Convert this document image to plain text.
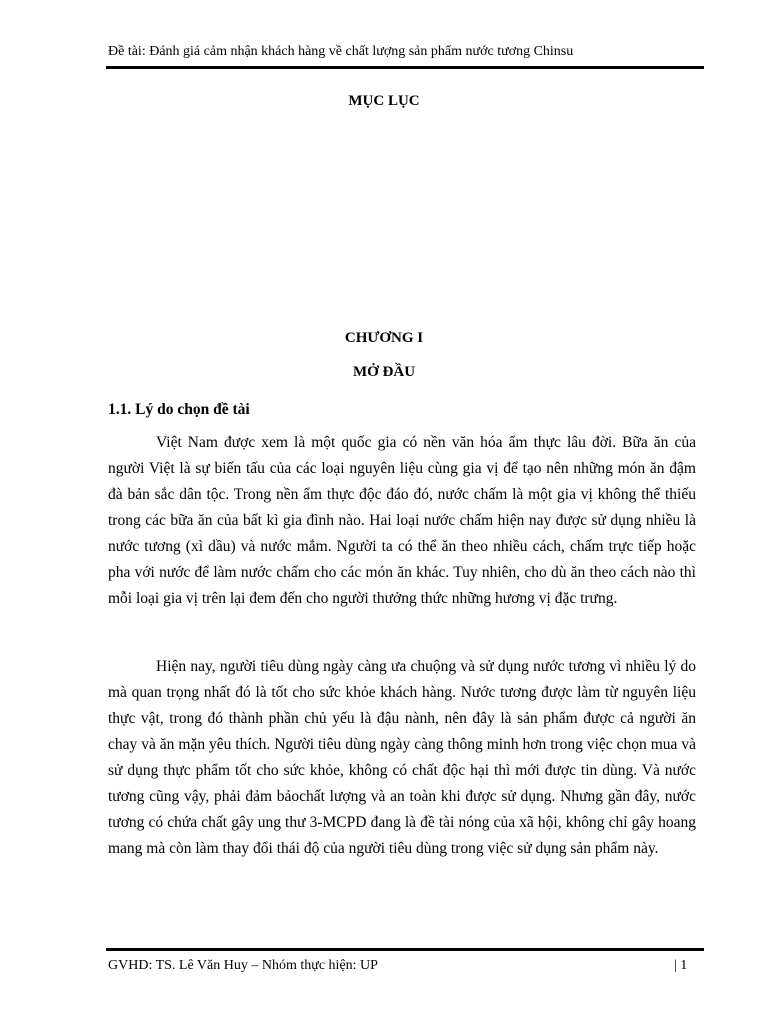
Đề tài: Đánh giá cảm nhận khách hàng về chất lượng sản phẩm nước tương Chinsu
MỤC LỤC
CHƯƠNG I
MỞ ĐẦU
1.1. Lý do chọn đề tài

Việt Nam được xem là một quốc gia có nền văn hóa ẩm thực lâu đời. Bữa ăn của người Việt là sự biến tấu của các loại nguyên liệu cùng gia vị để tạo nên những món ăn đậm đà bản sắc dân tộc. Trong nền ẩm thực độc đáo đó, nước chấm là một gia vị không thể thiếu trong các bữa ăn của bất kì gia đình nào. Hai loại nước chấm hiện nay được sử dụng nhiều là nước tương (xì dầu) và nước mắm. Người ta có thể ăn theo nhiều cách, chấm trực tiếp hoặc pha với nước để làm nước chấm cho các món ăn khác. Tuy nhiên, cho dù ăn theo cách nào thì mỗi loại gia vị trên lại đem đến cho người thưởng thức những hương vị đặc trưng.

Hiện nay, người tiêu dùng ngày càng ưa chuộng và sử dụng nước tương vì nhiều lý do mà quan trọng nhất đó là tốt cho sức khỏe khách hàng. Nước tương được làm từ nguyên liệu thực vật, trong đó thành phần chủ yếu là đậu nành, nên đây là sản phẩm được cả người ăn chay và ăn mặn yêu thích. Người tiêu dùng ngày càng thông minh hơn trong việc chọn mua và sử dụng thực phẩm tốt cho sức khỏe, không có chất độc hại thì mới được tin dùng. Và nước tương cũng vậy, phải đảm bảochất lượng và an toàn khi được sử dụng. Nhưng gần đây, nước tương có chứa chất gây ung thư 3-MCPD đang là đề tài nóng của xã hội, không chỉ gây hoang mang mà còn làm thay đổi thái độ của người tiêu dùng trong việc sử dụng sản phẩm này.

GVHD: TS. Lê Văn Huy – Nhóm thực hiện: UP	| 1
